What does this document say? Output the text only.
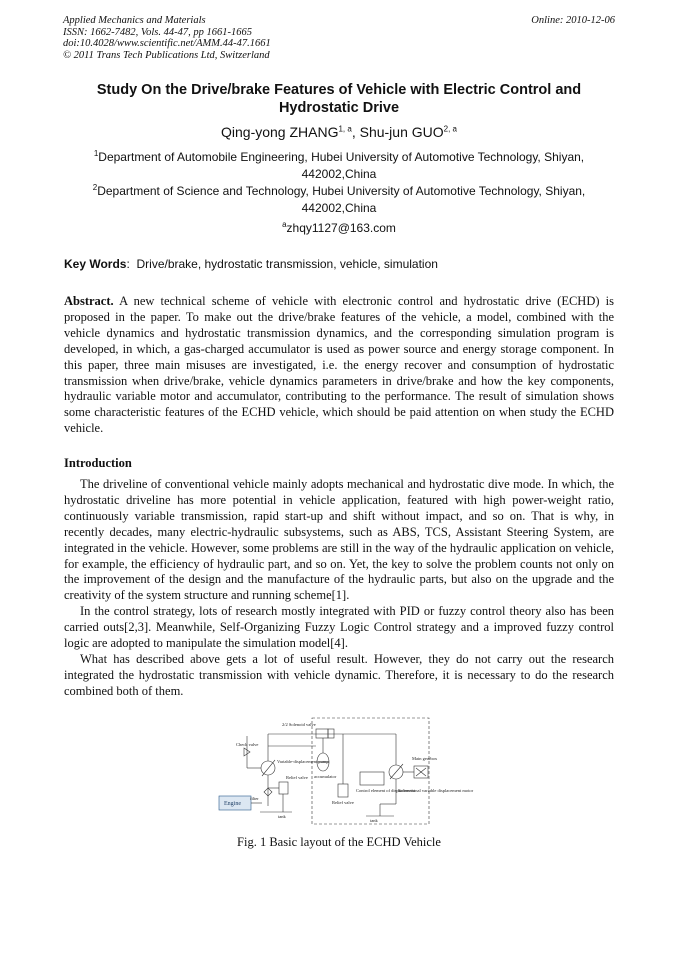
Applied Mechanics and Materials
ISSN: 1662-7482, Vols. 44-47, pp 1661-1665
doi:10.4028/www.scientific.net/AMM.44-47.1661
© 2011 Trans Tech Publications Ltd, Switzerland
Online: 2010-12-06
Study On the Drive/brake Features of Vehicle with Electric Control and
Hydrostatic Drive
Qing-yong ZHANG$^{1, a}$, Shu-jun GUO$^{2, a}$
$^1$Department of Automobile Engineering, Hubei University of Automotive Technology, Shiyan,
442002,China
$^2$Department of Science and Technology, Hubei University of Automotive Technology, Shiyan,
442002,China
$^a$zhqy1127@163.com
Key Words: Drive/brake, hydrostatic transmission, vehicle, simulation
Abstract. A new technical scheme of vehicle with electronic control and hydrostatic drive (ECHD) is proposed in the paper. To make out the drive/brake features of the vehicle, a model, combined with the vehicle dynamics and hydrostatic transmission dynamics, and the corresponding simulation program is developed, in which, a gas-charged accumulator is used as power source and energy storage component. In this paper, three main misuses are investigated, i.e. the energy recover and consumption of hydrostatic transmission when drive/brake, vehicle dynamics parameters in drive/brake and how the key components, hydraulic variable motor and accumulator, contributing to the performance. The result of simulation shows some characteristic features of the ECHD vehicle, which should be paid attention on when study the ECHD vehicle.
Introduction

The driveline of conventional vehicle mainly adopts mechanical and hydrostatic dive mode. In which, the hydrostatic driveline has more potential in vehicle application, featured with high power-weight ratio, continuously variable transmission, rapid start-up and shift without impact, and so on. That is why, in recently decades, many electric-hydraulic subsystems, such as ABS, TCS, Assistant Steering System, are integrated in the vehicle. However, some problems are still in the way of the hydraulic application on vehicle, for example, the efficiency of hydraulic part, and so on. Yet, the key to solve the problem counts not only on the improvement of the design and the manufacture of the hydraulic parts, but also on the upgrade and the creativity of the system structure and running scheme[1].

In the control strategy, lots of research mostly integrated with PID or fuzzy control theory also has been carried outs[2,3]. Meanwhile, Self-Organizing Fuzzy Logic Control strategy and a improved fuzzy control logic are adopted to manipulate the simulation model[4].

What has described above gets a lot of useful result. However, they do not carry out the research integrated the hydrostatic transmission with vehicle dynamic. Therefore, it is necessary to do the research combined both of them.

Check valve
2/2 Solenoid valve
Engine
Variable-displacement pump
filter
Relief valve
tank
accumulator
Relief valve
Control element of displacement
Main gearbox
bidirectional variable displacement motor
tank
Fig. 1 Basic layout of the ECHD Vehicle
